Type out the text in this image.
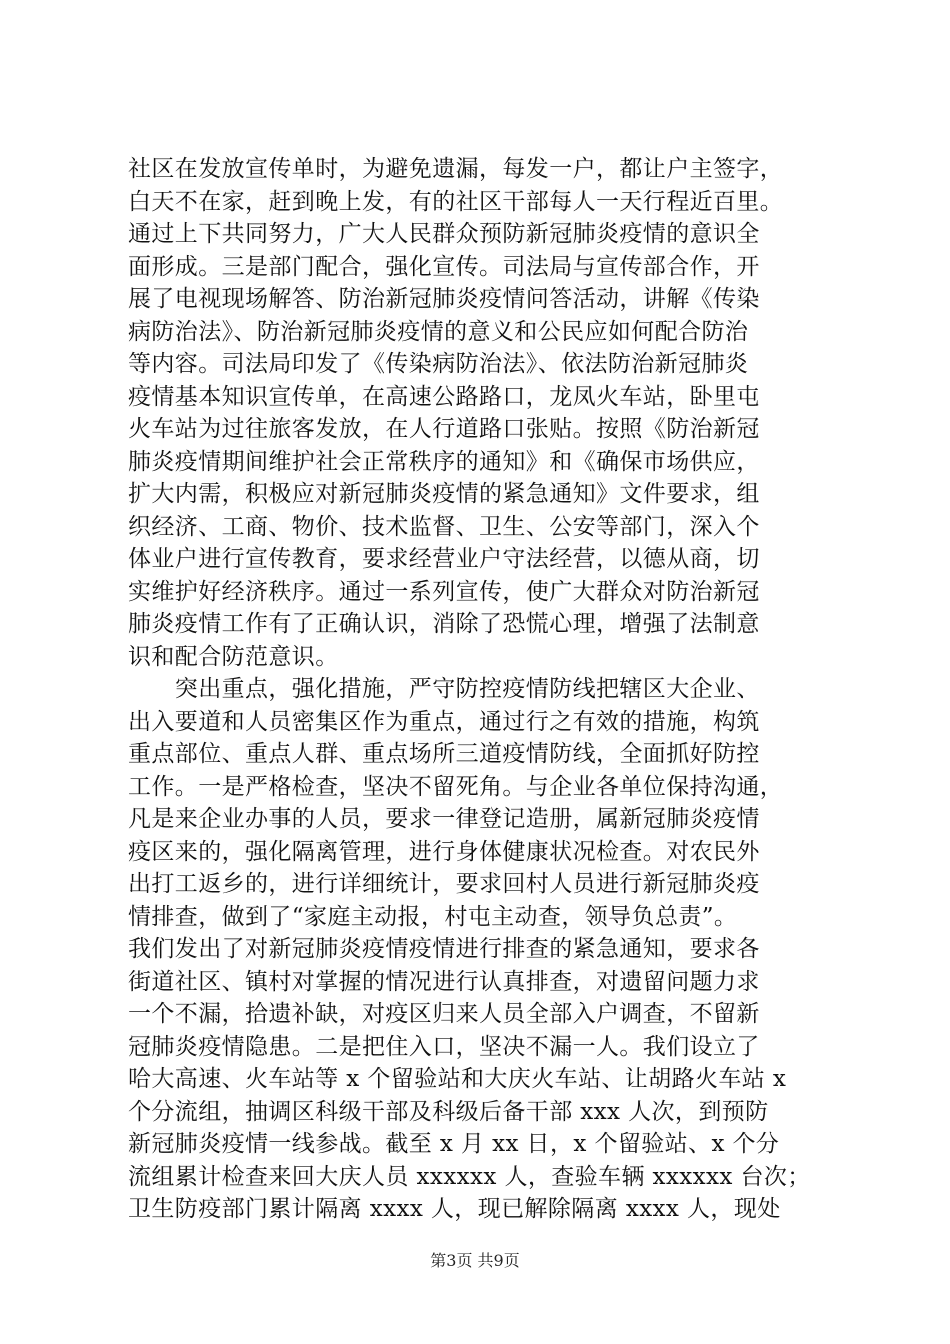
社区在发放宣传单时，为避免遗漏，每发一户，都让户主签字，
白天不在家，赶到晚上发，有的社区干部每人一天行程近百里。
通过上下共同努力，广大人民群众预防新冠肺炎疫情的意识全
面形成。三是部门配合，强化宣传。司法局与宣传部合作，开
展了电视现场解答、防治新冠肺炎疫情问答活动，讲解《传染
病防治法》、防治新冠肺炎疫情的意义和公民应如何配合防治
等内容。司法局印发了《传染病防治法》、依法防治新冠肺炎
疫情基本知识宣传单，在高速公路路口，龙凤火车站，卧里屯
火车站为过往旅客发放，在人行道路口张贴。按照《防治新冠
肺炎疫情期间维护社会正常秩序的通知》和《确保市场供应，
扩大内需，积极应对新冠肺炎疫情的紧急通知》文件要求，组
织经济、工商、物价、技术监督、卫生、公安等部门，深入个
体业户进行宣传教育，要求经营业户守法经营，以德从商，切
实维护好经济秩序。通过一系列宣传，使广大群众对防治新冠
肺炎疫情工作有了正确认识，消除了恐慌心理，增强了法制意
识和配合防范意识。
　　突出重点，强化措施，严守防控疫情防线把辖区大企业、
出入要道和人员密集区作为重点，通过行之有效的措施，构筑
重点部位、重点人群、重点场所三道疫情防线，全面抓好防控
工作。一是严格检查，坚决不留死角。与企业各单位保持沟通，
凡是来企业办事的人员，要求一律登记造册，属新冠肺炎疫情
疫区来的，强化隔离管理，进行身体健康状况检查。对农民外
出打工返乡的，进行详细统计，要求回村人员进行新冠肺炎疫
情排查，做到了“家庭主动报，村屯主动查，领导负总责”。
我们发出了对新冠肺炎疫情疫情进行排查的紧急通知，要求各
街道社区、镇村对掌握的情况进行认真排查，对遗留问题力求
一个不漏，拾遗补缺，对疫区归来人员全部入户调查，不留新
冠肺炎疫情隐患。二是把住入口，坚决不漏一人。我们设立了
哈大高速、火车站等 x 个留验站和大庆火车站、让胡路火车站 x
个分流组，抽调区科级干部及科级后备干部 xxx 人次，到预防
新冠肺炎疫情一线参战。截至 x 月 xx 日，x 个留验站、x 个分
流组累计检查来回大庆人员 xxxxxx 人，查验车辆 xxxxxx 台次；
卫生防疫部门累计隔离 xxxx 人，现已解除隔离 xxxx 人，现处
第3页 共9页
